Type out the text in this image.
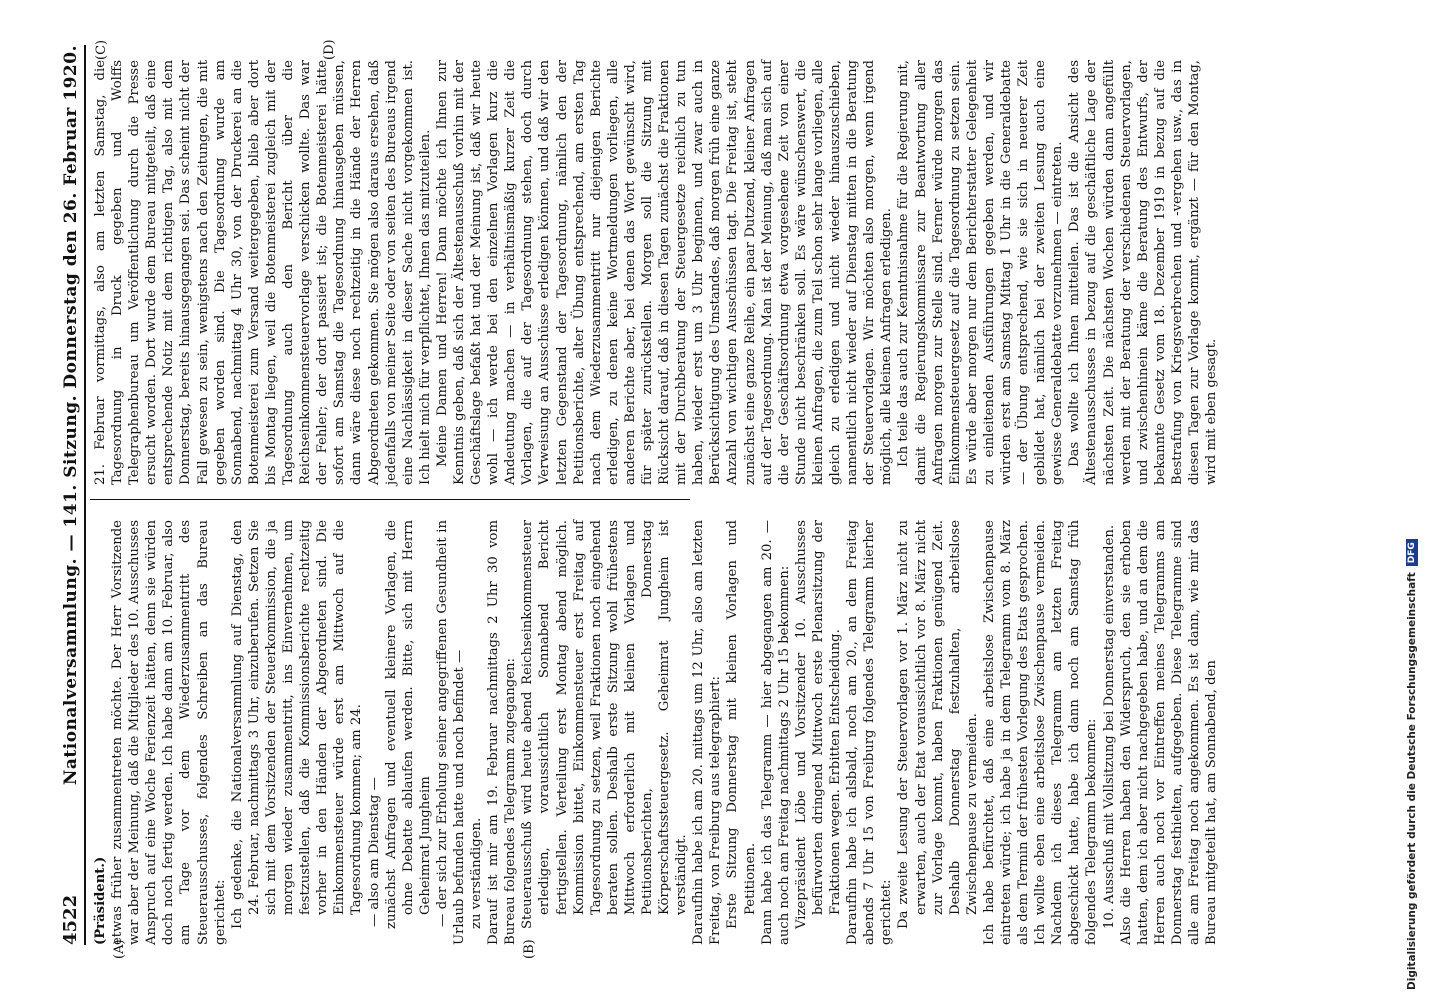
4522
Nationalversammlung. — 141. Sitzung. Donnerstag den 26. Februar 1920.
(A)	(B)
(C)	(D)

(Präsident.) etwas früher zusammentreten möchte. Der Herr Vorsitzende war aber der Meinung, daß die Mitglieder des 10. Ausschusses Anspruch auf eine Woche Ferienzeit hätten, denn sie würden doch noch fertig werden. Ich habe dann am 10. Februar, also am Tage vor dem Wiederzusammentritt des Steuerausschusses, folgendes Schreiben an das Bureau gerichtet: Ich gedenke, die Nationalversammlung auf Dienstag, den 24. Februar, nachmittags 3 Uhr, einzuberufen. Setzen Sie sich mit dem Vorsitzenden der Steuerkommission, die ja morgen wieder zusammentritt, ins Einvernehmen, um festzustellen, daß die Kommissionsberichte rechtzeitig vorher in den Händen der Abgeordneten sind. Die Einkommensteuer würde erst am Mittwoch auf die Tagesordnung kommen; am 24. — also am Dienstag — zunächst Anfragen und eventuell kleinere Vorlagen, die ohne Debatte ablaufen werden. Bitte, sich mit Herrn Geheimrat Jungheim — der sich zur Erholung seiner angegriffenen Gesundheit in Urlaub befunden hatte und noch befindet — zu verständigen. Darauf ist mir am 19. Februar nachmittags 2 Uhr 30 vom Bureau folgendes Telegramm zugegangen: Steuerausschuß wird heute abend Reichseinkommensteuer erledigen, voraussichtlich Sonnabend Bericht fertigstellen. Verteilung erst Montag abend möglich. Kommission bittet, Einkommensteuer erst Freitag auf Tagesordnung zu setzen, weil Fraktionen noch eingehend beraten sollen. Deshalb erste Sitzung wohl frühestens Mittwoch erforderlich mit kleinen Vorlagen und Petitionsberichten, Donnerstag Körperschaftssteuergesetz. Geheimrat Jungheim ist verständigt. Daraufhin habe ich am 20. mittags um 12 Uhr, also am letzten Freitag, von Freiburg aus telegraphiert: Erste Sitzung Donnerstag mit kleinen Vorlagen und Petitionen. Dann habe ich das Telegramm — hier abgegangen am 20. — auch noch am Freitag nachmittags 2 Uhr 15 bekommen: Vizepräsident Löbe und Vorsitzender 10. Ausschusses befürworten dringend Mittwoch erste Plenarsitzung der Fraktionen wegen. Erbitten Entscheidung. Daraufhin habe ich alsbald, noch am 20., an dem Freitag abends 7 Uhr 15 von Freiburg folgendes Telegramm hierher gerichtet: Da zweite Lesung der Steuervorlagen vor 1. März nicht zu erwarten, auch der Etat voraussichtlich vor 8. März nicht zur Vorlage kommt, haben Fraktionen genügend Zeit. Deshalb Donnerstag festzuhalten, arbeitslose Zwischenpause zu vermeiden. Ich habe befürchtet, daß eine arbeitslose Zwischenpause eintreten würde; ich habe ja in dem Telegramm vom 8. März als dem Termin der frühesten Vorlegung des Etats gesprochen. Ich wollte eben eine arbeitslose Zwischenpause vermeiden. Nachdem ich dieses Telegramm am letzten Freitag abgeschickt hatte, habe ich dann noch am Samstag früh folgendes Telegramm bekommen: 10. Ausschuß mit Vollsitzung bei Donnerstag einverstanden. Also die Herren haben den Widerspruch, den sie erhoben hatten, dem ich aber nicht nachgegeben habe, und an dem die Herren auch noch vor Eintreffen meines Telegramms am Donnerstag festhielten, aufgegeben. Diese Telegramme sind alle am Freitag noch angekommen. Es ist dann, wie mir das Bureau mitgeteilt hat, am Sonnabend, den

21. Februar vormittags, also am letzten Samstag, die Tagesordnung in Druck gegeben und Wolffs Telegraphenbureau um Veröffentlichung durch die Presse ersucht worden. Dort wurde dem Bureau mitgeteilt, daß eine entsprechende Notiz mit dem richtigen Tag, also mit dem Donnerstag, bereits hinausgegangen sei. Das scheint nicht der Fall gewesen zu sein, wenigstens nach den Zeitungen, die mit gegeben worden sind. Die Tagesordnung wurde am Sonnabend, nachmittag 4 Uhr 30, von der Druckerei an die Botenmeisterei zum Versand weitergegeben, blieb aber dort bis Montag liegen, weil die Botenmeisterei zugleich mit der Tagesordnung auch den Bericht über die Reichseinkommensteuervorlage verschicken wollte. Das war der Fehler; der dort passiert ist; die Botenmeisterei hätte sofort am Samstag die Tagesordnung hinausgeben müssen, dann wäre diese noch rechtzeitig in die Hände der Herren Abgeordneten gekommen. Sie mögen also daraus ersehen, daß jedenfalls von meiner Seite oder von seiten des Bureaus irgend eine Nachlässigkeit in dieser Sache nicht vorgekommen ist. Ich hielt mich für verpflichtet, Ihnen das mitzuteilen. Meine Damen und Herren! Dann möchte ich Ihnen zur Kenntnis geben, daß sich der Ältestenausschuß vorhin mit der Geschäftslage befaßt hat und der Meinung ist, daß wir heute wohl — ich werde bei den einzelnen Vorlagen kurz die Andeutung machen — in verhältnismäßig kurzer Zeit die Vorlagen, die auf der Tagesordnung stehen, doch durch Verweisung an Ausschüsse erledigen können, und daß wir den letzten Gegenstand der Tagesordnung, nämlich den der Petitionsberichte, alter Übung entsprechend, am ersten Tag nach dem Wiederzusammentritt nur diejenigen Berichte erledigen, zu denen keine Wortmeldungen vorliegen, alle anderen Berichte aber, bei denen das Wort gewünscht wird, für später zurückstellen. Morgen soll die Sitzung mit Rücksicht darauf, daß in diesen Tagen zunächst die Fraktionen mit der Durchberatung der Steuergesetze reichlich zu tun haben, wieder erst um 3 Uhr beginnen, und zwar auch in Berücksichtigung des Umstandes, daß morgen früh eine ganze Anzahl von wichtigen Ausschüssen tagt. Die Freitag ist, steht zunächst eine ganze Reihe, ein paar Dutzend, kleiner Anfragen auf der Tagesordnung. Man ist der Meinung, daß man sich auf die der Geschäftsordnung etwa vorgesehene Zeit von einer Stunde nicht beschränken soll. Es wäre wünschenswert, die kleinen Anfragen, die zum Teil schon sehr lange vorliegen, alle gleich zu erledigen und nicht wieder hinauszuschieben, namentlich nicht wieder auf Dienstag mitten in die Beratung der Steuervorlagen. Wir möchten also morgen, wenn irgend möglich, alle kleinen Anfragen erledigen. Ich teile das auch zur Kenntnisnahme für die Regierung mit, damit die Regierungskommissare zur Beantwortung aller Anfragen morgen zur Stelle sind. Ferner würde morgen das Einkommensteuergesetz auf die Tagesordnung zu setzen sein. Es würde aber morgen nur dem Berichterstatter Gelegenheit zu einleitenden Ausführungen gegeben werden, und wir würden erst am Samstag Mittag 1 Uhr in die Generaldebatte — der Übung entsprechend, wie sie sich in neuerer Zeit gebildet hat, nämlich bei der zweiten Lesung auch eine gewisse Generaldebatte vorzunehmen — eintreten. Das wollte ich Ihnen mitteilen. Das ist die Ansicht des Ältestenausschusses in bezug auf die geschäftliche Lage der nächsten Zeit. Die nächsten Wochen würden dann angefüllt werden mit der Beratung der verschiedenen Steuervorlagen, und zwischenhinein käme die Beratung des Entwurfs, der bekannte Gesetz vom 18. Dezember 1919 in bezug auf die Bestrafung von Kriegsverbrechen und -vergehen usw., das in diesen Tagen zur Vorlage kommt, ergänzt — für den Montag, wird mit eben gesagt.

Digitalisierung gefördert durch die Deutsche Forschungsgemeinschaft
DFG
